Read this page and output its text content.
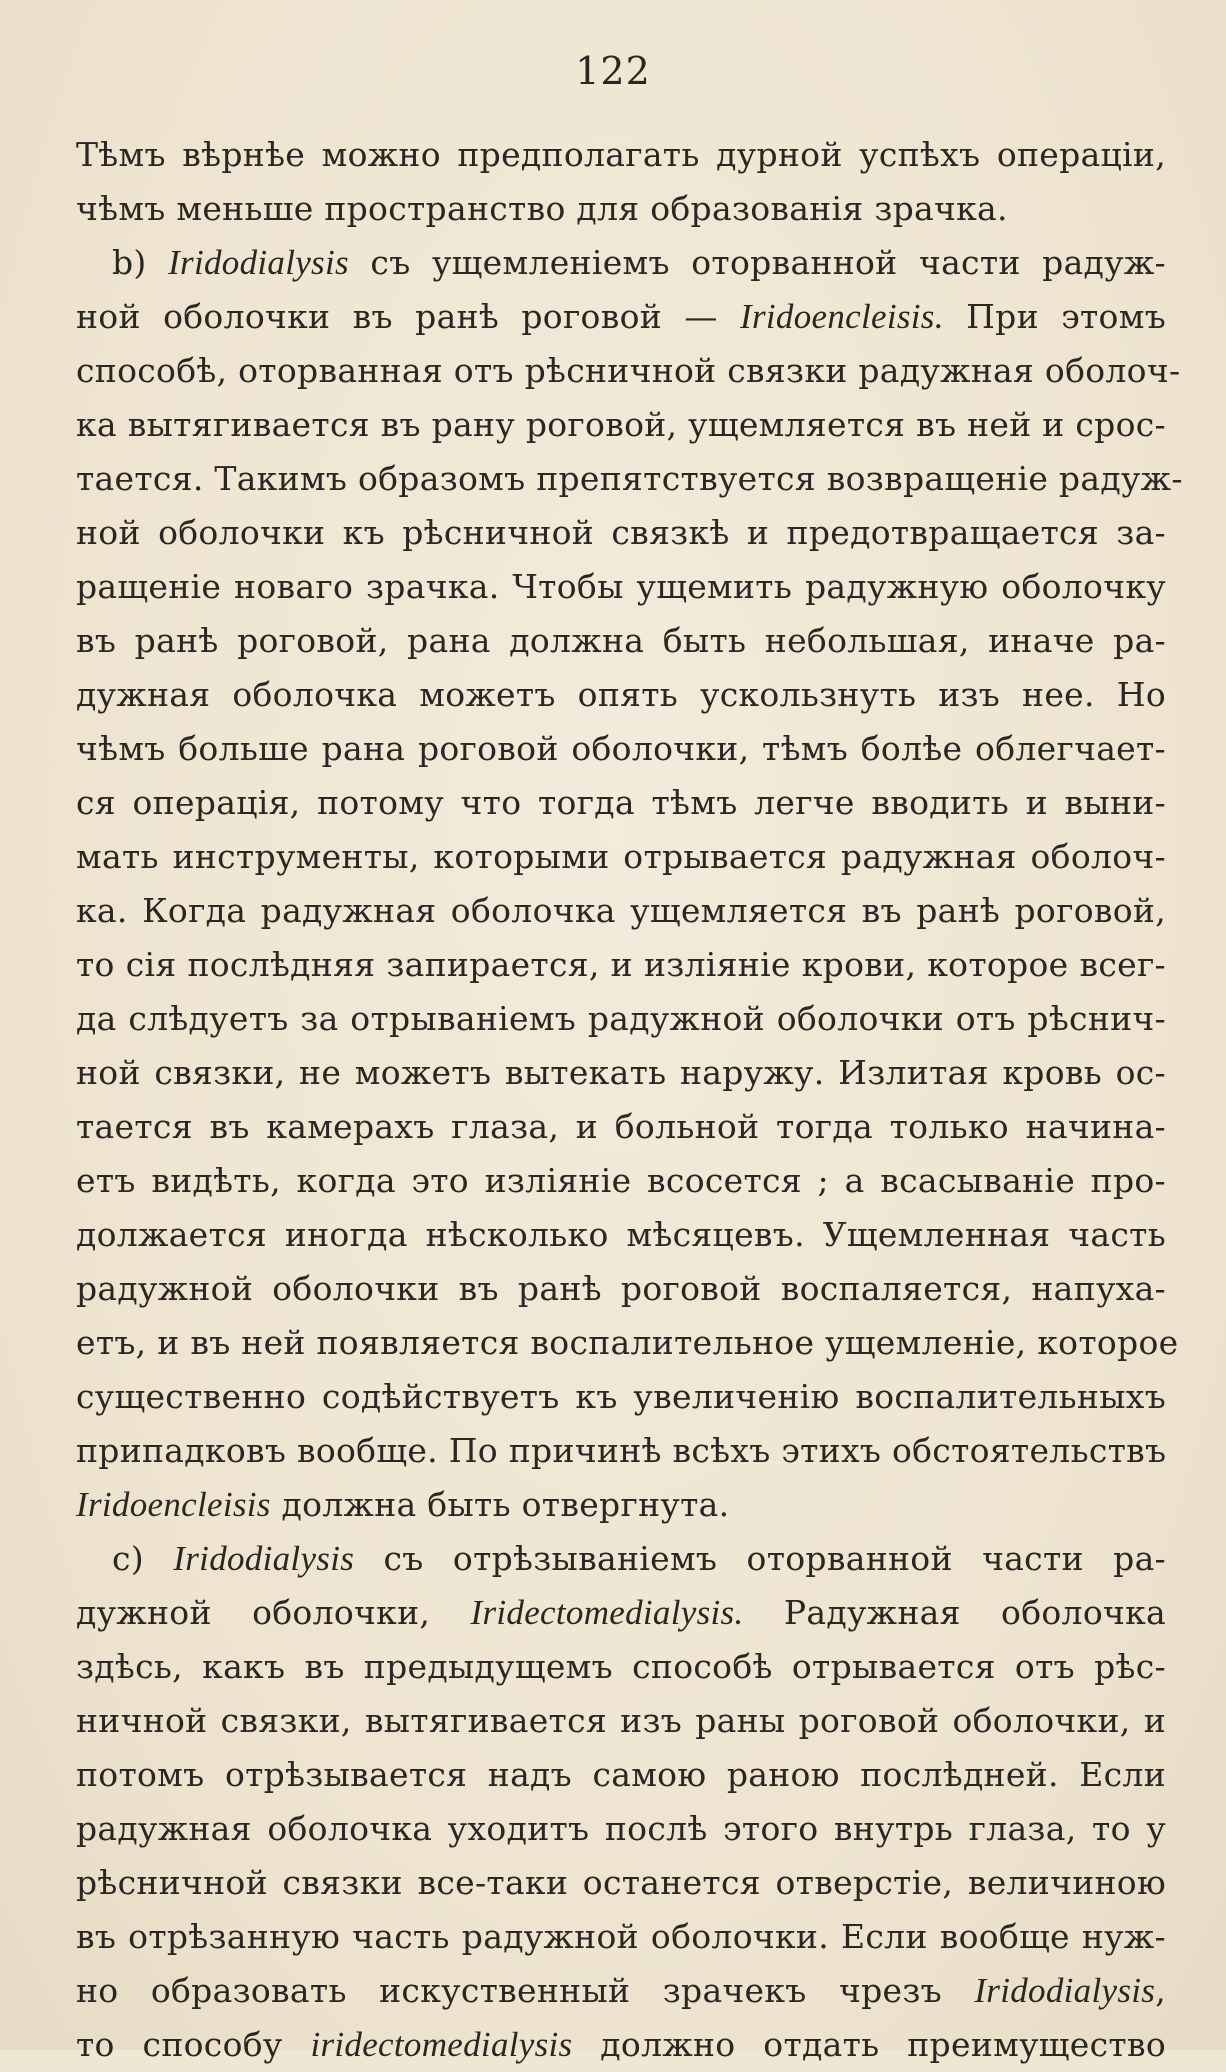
122
Тѣмъ вѣрнѣе можно предполагать дурной успѣхъ операціи,
чѣмъ меньше пространство для образованія зрачка.
b) Iridodialysis съ ущемленіемъ оторванной части радуж-
ной оболочки въ ранѣ роговой — Iridoencleisis. При этомъ
способѣ, оторванная отъ рѣсничной связки радужная оболоч-
ка вытягивается въ рану роговой, ущемляется въ ней и срос-
тается. Такимъ образомъ препятствуется возвращеніе радуж-
ной оболочки къ рѣсничной связкѣ и предотвращается за-
ращеніе новаго зрачка. Чтобы ущемить радужную оболочку
въ ранѣ роговой, рана должна быть небольшая, иначе ра-
дужная оболочка можетъ опять ускользнуть изъ нее. Но
чѣмъ больше рана роговой оболочки, тѣмъ болѣе облегчает-
ся операція, потому что тогда тѣмъ легче вводить и выни-
мать инструменты, которыми отрывается радужная оболоч-
ка. Когда радужная оболочка ущемляется въ ранѣ роговой,
то сія послѣдняя запирается, и изліяніе крови, которое всег-
да слѣдуетъ за отрываніемъ радужной оболочки отъ рѣснич-
ной связки, не можетъ вытекать наружу. Излитая кровь ос-
тается въ камерахъ глаза, и больной тогда только начина-
етъ видѣть, когда это изліяніе всосется ; а всасываніе про-
должается иногда нѣсколько мѣсяцевъ. Ущемленная часть
радужной оболочки въ ранѣ роговой воспаляется, напуха-
етъ, и въ ней появляется воспалительное ущемленіе, которое
существенно содѣйствуетъ къ увеличенію воспалительныхъ
припадковъ вообще. По причинѣ всѣхъ этихъ обстоятельствъ
Iridoencleisis должна быть отвергнута.
c) Iridodialysis съ отрѣзываніемъ оторванной части ра-
дужной оболочки, Iridectomedialysis. Радужная оболочка
здѣсь, какъ въ предыдущемъ способѣ отрывается отъ рѣс-
ничной связки, вытягивается изъ раны роговой оболочки, и
потомъ отрѣзывается надъ самою раною послѣдней. Если
радужная оболочка уходитъ послѣ этого внутрь глаза, то у
рѣсничной связки все-таки останется отверстіе, величиною
въ отрѣзанную часть радужной оболочки. Если вообще нуж-
но образовать искуственный зрачекъ чрезъ Iridodialysis,
то способу iridectomedialysis должно отдать преимущество
